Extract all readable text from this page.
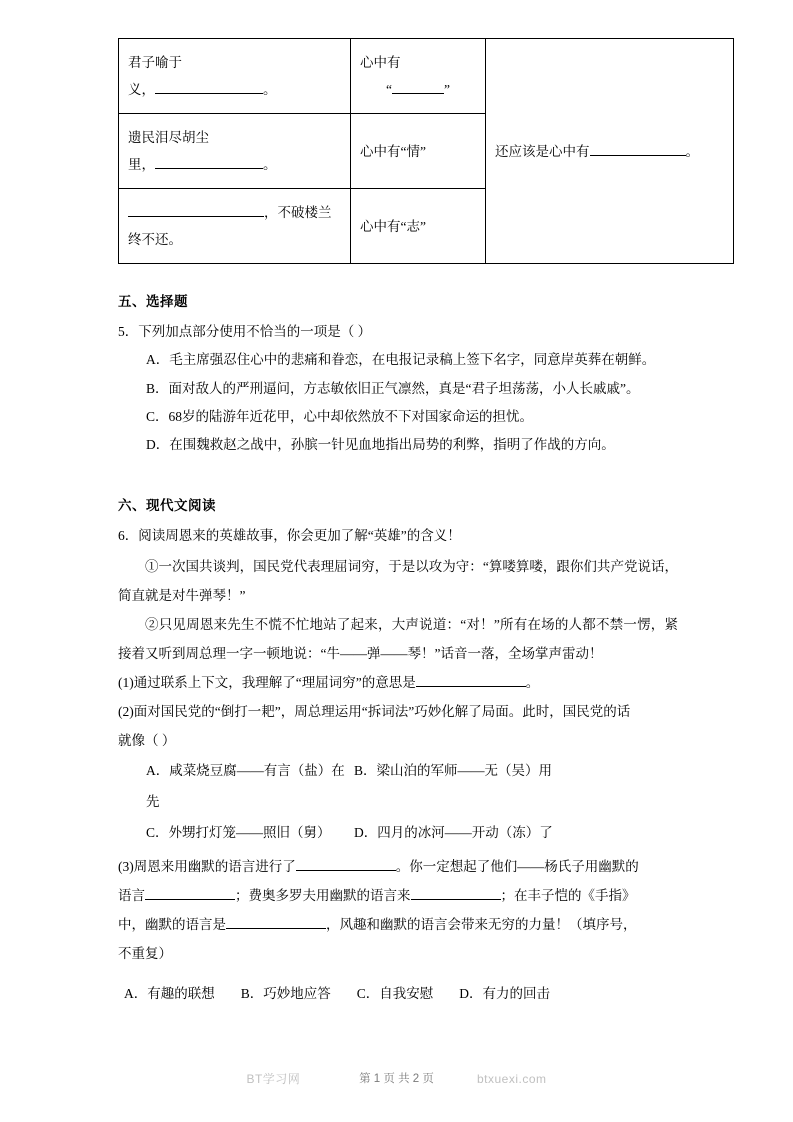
君子喻于
义， 。	心中有
“ ”	还应该是心中有 。

遗民泪尽胡尘
里， 。	心中有“情”	

，不破楼兰
终不还。	心中有“志”	
五、选择题

5．下列加点部分使用不恰当的一项是（ ）

A．毛主席强忍住心中的悲痛和眷恋，在电报记录稿上签下名字，同意岸英葬在朝鲜。

B．面对敌人的严刑逼问，方志敏依旧正气凛然，真是“君子坦荡荡，小人长戚戚”。

C．68岁的陆游年近花甲，心中却依然放不下对国家命运的担忧。

D．在围魏救赵之战中，孙膑一针见血地指出局势的利弊，指明了作战的方向。

六、现代文阅读

6．阅读周恩来的英雄故事，你会更加了解“英雄”的含义！

①一次国共谈判，国民党代表理屈词穷，于是以攻为守：“算喽算喽，跟你们共产党说话，简直就是对牛弹琴！”

②只见周恩来先生不慌不忙地站了起来，大声说道：“对！”所有在场的人都不禁一愣，紧接着又听到周总理一字一顿地说：“牛——弹——琴！”话音一落，全场掌声雷动！

(1)通过联系上下文，我理解了“理屈词穷”的意思是	。

(2)面对国民党的“倒打一耙”，周总理运用“拆词法”巧妙化解了局面。此时，国民党的话

就像（ ）

A．咸菜烧豆腐——有言（盐）在先
B．梁山泊的军师——无（吴）用
C．外甥打灯笼——照旧（舅）	D．四月的冰河——开动（冻）了

(3)周恩来用幽默的语言进行了	。你一定想起了他们——杨氏子用幽默的

语言	；费奥多罗夫用幽默的语言来	；在丰子恺的《手指》

中，幽默的语言是	，风趣和幽默的语言会带来无穷的力量！（填序号，

不重复）

A．有趣的联想 B．巧妙地应答 C．自我安慰 D．有力的回击
第 1 页 共 2 页
BT学习网	btxuexi.com
